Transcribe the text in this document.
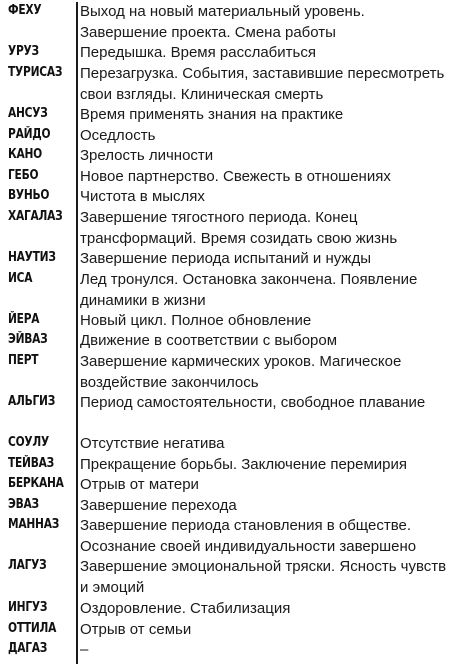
ФЕХУ	Выход на новый материальный уровень. Завершение проекта. Смена работы
УРУЗ	Передышка. Время расслабиться
ТУРИСАЗ Перезагрузка. События, заставившие пересмотреть свои взгляды. Клиническая смерть
АНСУЗ Время применять знания на практике
РАЙДО Оседлость
КАНО	Зрелость личности
ГЕБО	Новое партнерство. Свежесть в отношениях
ВУНЬО Чистота в мыслях
ХАГАЛАЗ Завершение тягостного периода. Конец трансформаций. Время созидать свою жизнь
НАУТИЗ Завершение периода испытаний и нужды
ИСА	Лед тронулся. Остановка закончена. Появление динамики в жизни
ЙЕРА	Новый цикл. Полное обновление
ЭЙВАЗ Движение в соответствии с выбором
ПЕРТ	Завершение кармических уроков. Магическое воздействие закончилось
АЛЬГИЗ Период самостоятельности, свободное плавание
СОУЛУ Отсутствие негатива
ТЕЙВАЗ Прекращение борьбы. Заключение перемирия
БЕРКАНА Отрыв от матери
ЭВАЗ	Завершение перехода
МАННАЗ Завершение периода становления в обществе. Осознание своей индивидуальности завершено
ЛАГУЗ Завершение эмоциональной тряски. Ясность чувств и эмоций
ИНГУЗ Оздоровление. Стабилизация
ОТТИЛА Отрыв от семьи
ДАГАЗ –
